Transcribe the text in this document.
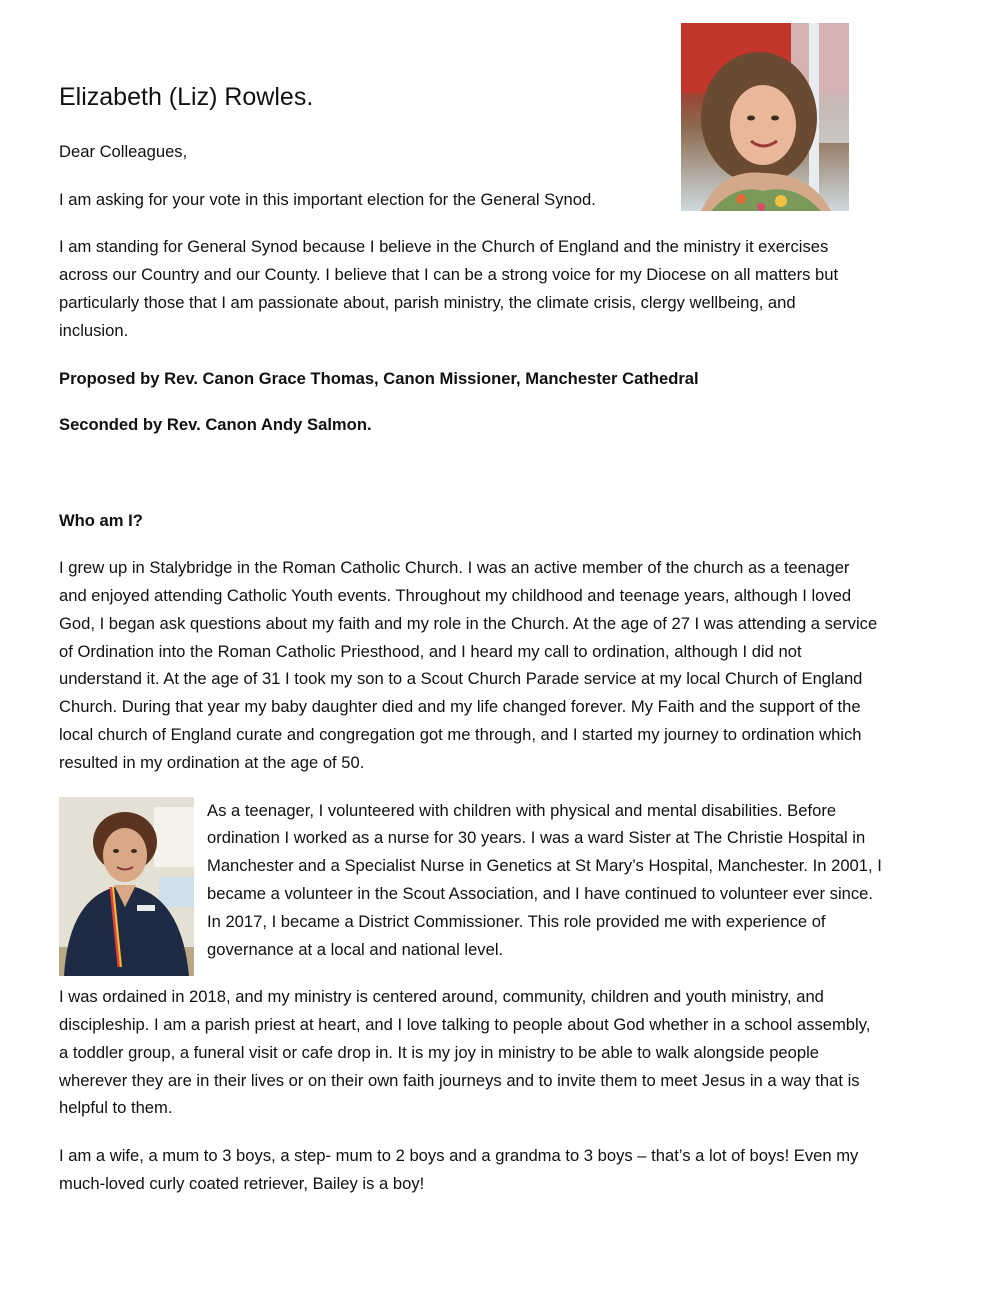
Elizabeth (Liz) Rowles.

Dear Colleagues,

I am asking for your vote in this important election for the General Synod.

I am standing for General Synod because I believe in the Church of England and the ministry it exercises

across our Country and our County. I believe that I can be a strong voice for my Diocese on all matters but

particularly those that I am passionate about, parish ministry, the climate crisis, clergy wellbeing, and

inclusion.

Proposed by Rev. Canon Grace Thomas, Canon Missioner, Manchester Cathedral

Seconded by Rev. Canon Andy Salmon.

Who am I?

I grew up in Stalybridge in the Roman Catholic Church. I was an active member of the church as a teenager

and enjoyed attending Catholic Youth events. Throughout my childhood and teenage years, although I loved

God, I began ask questions about my faith and my role in the Church. At the age of 27 I was attending a service

of Ordination into the Roman Catholic Priesthood, and I heard my call to ordination, although I did not

understand it. At the age of 31 I took my son to a Scout Church Parade service at my local Church of England

Church. During that year my baby daughter died and my life changed forever. My Faith and the support of the

local church of England curate and congregation got me through, and I started my journey to ordination which

resulted in my ordination at the age of 50.

As a teenager, I volunteered with children with physical and mental disabilities. Before

ordination I worked as a nurse for 30 years. I was a ward Sister at The Christie Hospital in

Manchester and a Specialist Nurse in Genetics at St Mary’s Hospital, Manchester. In 2001, I

became a volunteer in the Scout Association, and I have continued to volunteer ever since.

In 2017, I became a District Commissioner. This role provided me with experience of

governance at a local and national level.

I was ordained in 2018, and my ministry is centered around, community, children and youth ministry, and

discipleship. I am a parish priest at heart, and I love talking to people about God whether in a school assembly,

a toddler group, a funeral visit or cafe drop in. It is my joy in ministry to be able to walk alongside people

wherever they are in their lives or on their own faith journeys and to invite them to meet Jesus in a way that is

helpful to them.

I am a wife, a mum to 3 boys, a step- mum to 2 boys and a grandma to 3 boys – that’s a lot of boys! Even my

much-loved curly coated retriever, Bailey is a boy!
